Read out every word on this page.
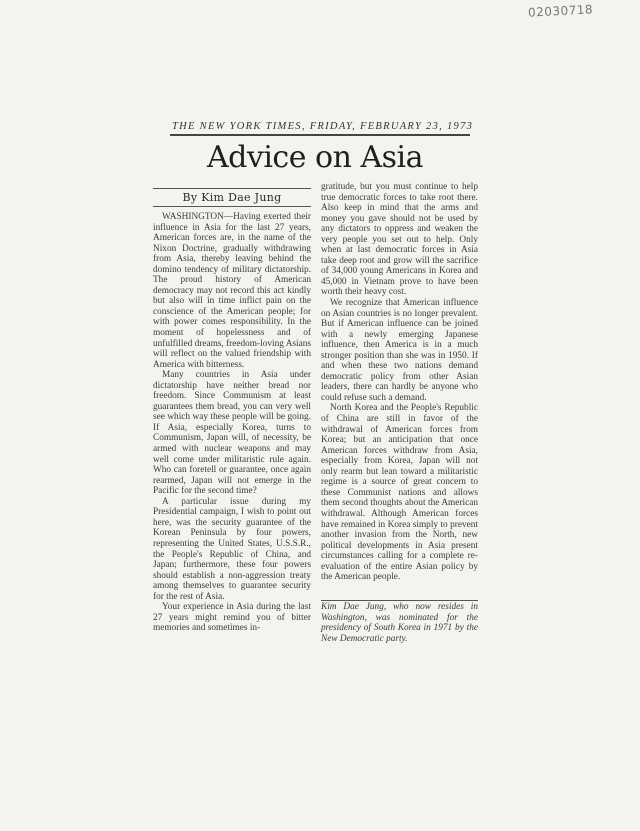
02030718
THE NEW YORK TIMES, FRIDAY, FEBRUARY 23, 1973
Advice on Asia
By Kim Dae Jung

WASHINGTON—Having exerted their influence in Asia for the last 27 years, American forces are, in the name of the Nixon Doctrine, gradually withdrawing from Asia, thereby leaving behind the domino tendency of military dictatorship. The proud history of American democracy may not record this act kindly but also will in time inflict pain on the conscience of the American people; for with power comes responsibility. In the moment of hopelessness and of unfulfilled dreams, freedom-loving Asians will reflect on the valued friendship with America with bitterness.

Many countries in Asia under dictatorship have neither bread nor freedom. Since Communism at least guarantees them bread, you can very well see which way these people will be going. If Asia, especially Korea, turns to Communism, Japan will, of necessity, be armed with nuclear weapons and may well come under militaristic rule again. Who can foretell or guarantee, once again rearmed, Japan will not emerge in the Pacific for the second time?

A particular issue during my Presidential campaign, I wish to point out here, was the security guarantee of the Korean Peninsula by four powers, representing the United States, U.S.S.R., the People's Republic of China, and Japan; furthermore, these four powers should establish a non-aggression treaty among themselves to guarantee security for the rest of Asia.

Your experience in Asia during the last 27 years might remind you of bitter memories and sometimes in-

gratitude, but you must continue to help true democratic forces to take root there. Also keep in mind that the arms and money you gave should not be used by any dictators to oppress and weaken the very people you set out to help. Only when at last democratic forces in Asia take deep root and grow will the sacrifice of 34,000 young Americans in Korea and 45,000 in Vietnam prove to have been worth their heavy cost.

We recognize that American influence on Asian countries is no longer prevalent. But if American influence can be joined with a newly emerging Japanese influence, then America is in a much stronger position than she was in 1950. If and when these two nations demand democratic policy from other Asian leaders, there can hardly be anyone who could refuse such a demand.

North Korea and the People's Republic of China are still in favor of the withdrawal of American forces from Korea; but an anticipation that once American forces withdraw from Asia, especially from Korea, Japan will not only rearm but lean toward a militaristic regime is a source of great concern to these Communist nations and allows them second thoughts about the American withdrawal. Although American forces have remained in Korea simply to prevent another invasion from the North, new political developments in Asia present circumstances calling for a complete re-evaluation of the entire Asian policy by the American people.

Kim Dae Jung, who now resides in Washington, was nominated for the presidency of South Korea in 1971 by the New Democratic party.
